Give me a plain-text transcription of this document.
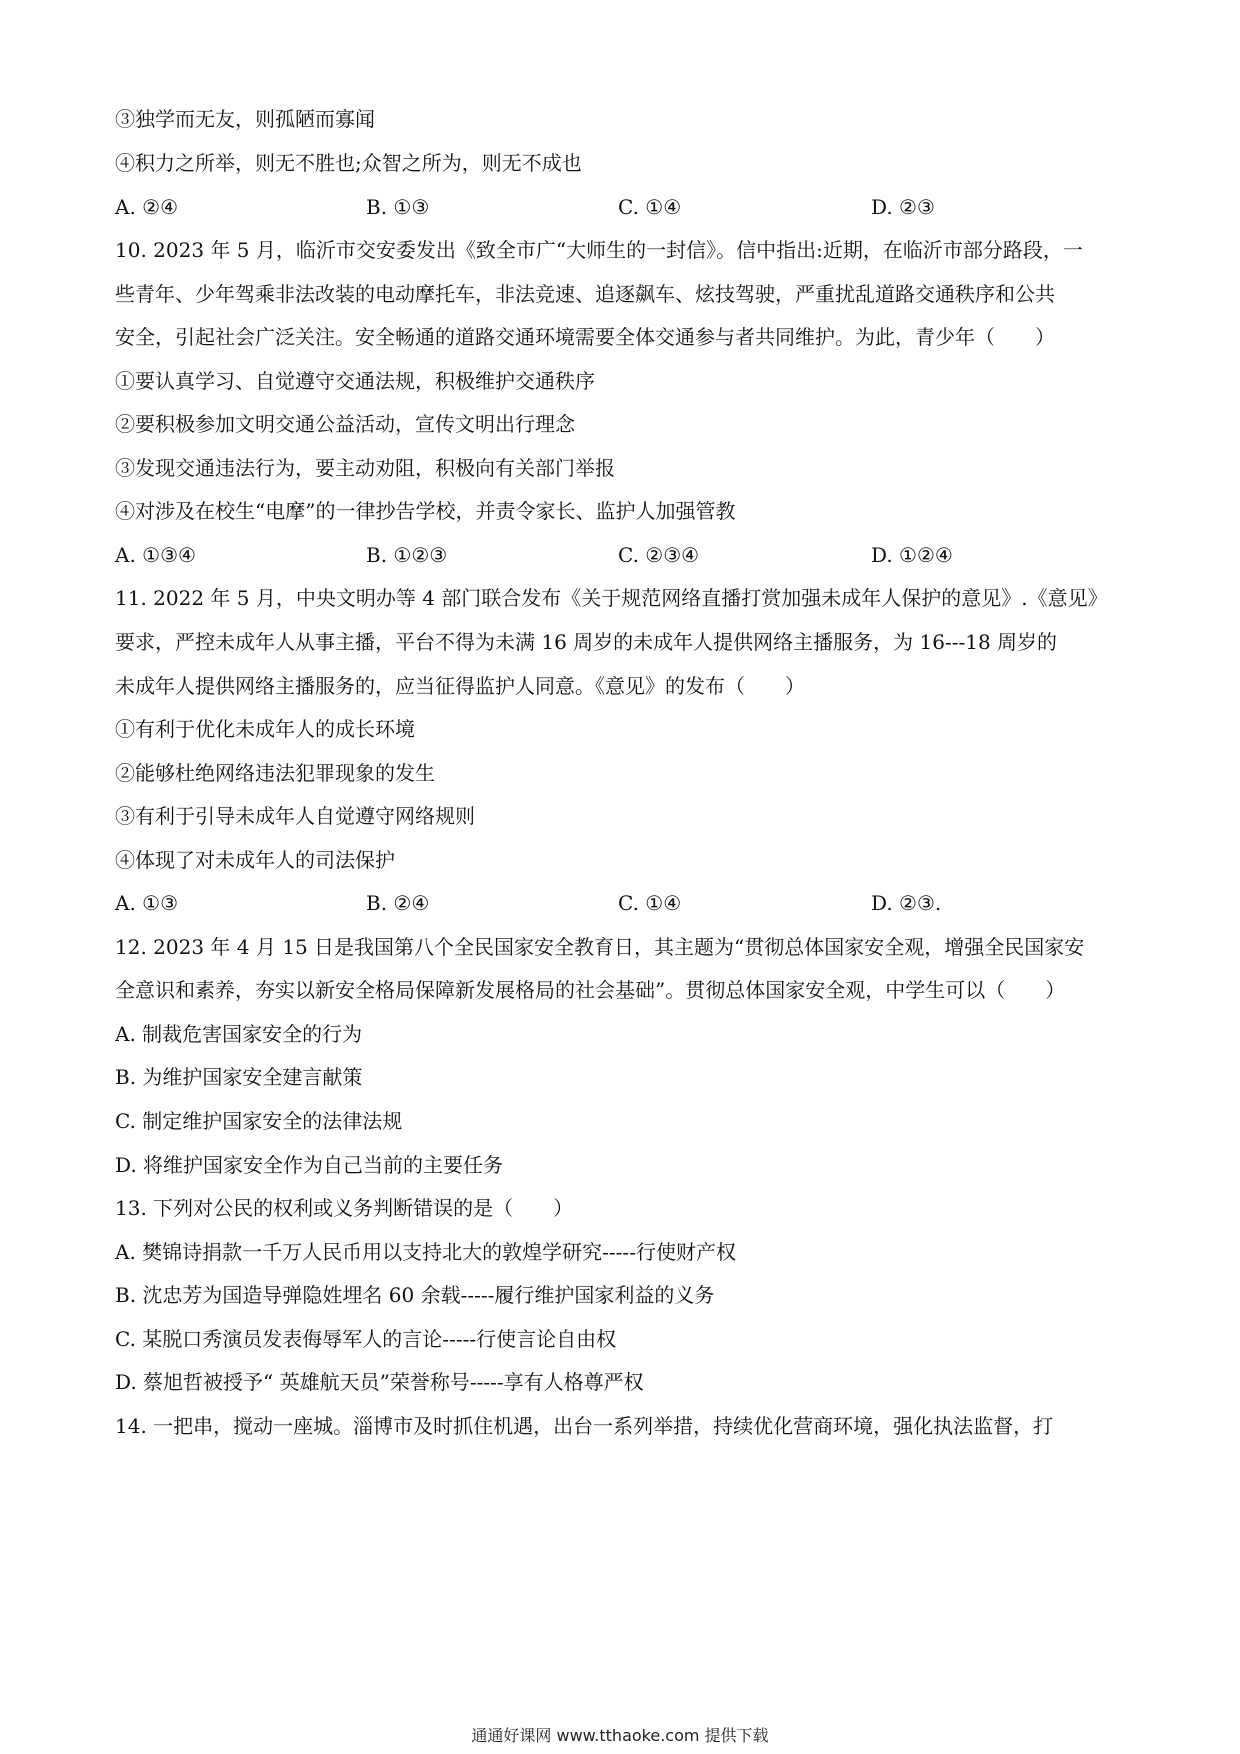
③独学而无友，则孤陋而寡闻
④积力之所举，则无不胜也;众智之所为，则无不成也
A. ②④	B. ①③	C. ①④	D. ②③
10. 2023 年 5 月，临沂市交安委发出《致全市广“大师生的一封信》。信中指出:近期，在临沂市部分路段，一
些青年、少年驾乘非法改装的电动摩托车，非法竞速、追逐飙车、炫技驾驶，严重扰乱道路交通秩序和公共
安全，引起社会广泛关注。安全畅通的道路交通环境需要全体交通参与者共同维护。为此，青少年（　　）
①要认真学习、自觉遵守交通法规，积极维护交通秩序
②要积极参加文明交通公益活动，宣传文明出行理念
③发现交通违法行为，要主动劝阻，积极向有关部门举报
④对涉及在校生“电摩”的一律抄告学校，并责令家长、监护人加强管教
A. ①③④	B. ①②③	C. ②③④	D. ①②④
11. 2022 年 5 月，中央文明办等 4 部门联合发布《关于规范网络直播打赏加强未成年人保护的意见》.《意见》
要求，严控未成年人从事主播，平台不得为未满 16 周岁的未成年人提供网络主播服务，为 16---18 周岁的
未成年人提供网络主播服务的，应当征得监护人同意。《意见》的发布（　　）
①有利于优化未成年人的成长环境
②能够杜绝网络违法犯罪现象的发生
③有利于引导未成年人自觉遵守网络规则
④体现了对未成年人的司法保护
A. ①③	B. ②④	C. ①④	D. ②③.
12. 2023 年 4 月 15 日是我国第八个全民国家安全教育日，其主题为“贯彻总体国家安全观，增强全民国家安
全意识和素养，夯实以新安全格局保障新发展格局的社会基础”。贯彻总体国家安全观，中学生可以（　　）
A. 制裁危害国家安全的行为
B. 为维护国家安全建言献策
C. 制定维护国家安全的法律法规
D. 将维护国家安全作为自己当前的主要任务
13. 下列对公民的权利或义务判断错误的是（　　）
A. 樊锦诗捐款一千万人民币用以支持北大的敦煌学研究-----行使财产权
B. 沈忠芳为国造导弹隐姓埋名 60 余载-----履行维护国家利益的义务
C. 某脱口秀演员发表侮辱军人的言论-----行使言论自由权
D. 蔡旭哲被授予“ 英雄航天员”荣誉称号-----享有人格尊严权
14. 一把串，搅动一座城。淄博市及时抓住机遇，出台一系列举措，持续优化营商环境，强化执法监督，打
通通好课网 www.tthaoke.com 提供下载
